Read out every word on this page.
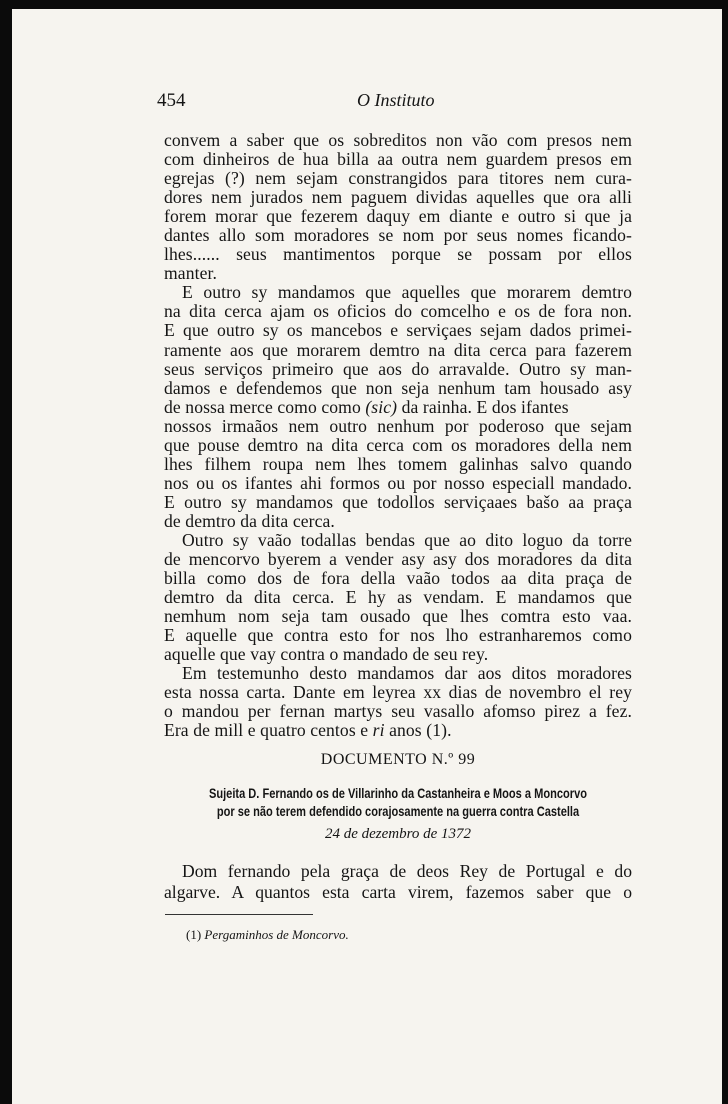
454	O Instituto
convem a saber que os sobreditos non vão com presos nem
com dinheiros de hua billa aa outra nem guardem presos em
egrejas (?) nem sejam constrangidos para titores nem cura-
dores nem jurados nem paguem dividas aquelles que ora alli
forem morar que fezerem daquy em diante e outro si que ja
dantes allo som moradores se nom por seus nomes ficando-
lhes...... seus mantimentos porque se possam por ellos
manter.
E outro sy mandamos que aquelles que morarem demtro
na dita cerca ajam os oficios do comcelho e os de fora non.
E que outro sy os mancebos e serviçaes sejam dados primei-
ramente aos que morarem demtro na dita cerca para fazerem
seus serviços primeiro que aos do arravalde. Outro sy man-
damos e defendemos que non seja nenhum tam housado asy
de nossa merce como como (sic) da rainha. E dos ifantes
nossos irmaãos nem outro nenhum por poderoso que sejam
que pouse demtro na dita cerca com os moradores della nem
lhes filhem roupa nem lhes tomem galinhas salvo quando
nos ou os ifantes ahi formos ou por nosso especiall mandado.
E outro sy mandamos que todollos serviçaaes bašo aa praça
de demtro da dita cerca.
Outro sy vaão todallas bendas que ao dito loguo da torre
de mencorvo byerem a vender asy asy dos moradores da dita
billa como dos de fora della vaão todos aa dita praça de
demtro da dita cerca. E hy as vendam. E mandamos que
nemhum nom seja tam ousado que lhes comtra esto vaa.
E aquelle que contra esto for nos lho estranharemos como
aquelle que vay contra o mandado de seu rey.
Em testemunho desto mandamos dar aos ditos moradores
esta nossa carta. Dante em leyrea xx dias de novembro el rey
o mandou per fernan martys seu vasallo afomso pirez a fez.
Era de mill e quatro centos e ri anos (1).
DOCUMENTO N.º 99
Sujeita D. Fernando os de Villarinho da Castanheira e Moos a Moncorvo
por se não terem defendido corajosamente na guerra contra Castella
24 de dezembro de 1372
Dom fernando pela graça de deos Rey de Portugal e do
algarve. A quantos esta carta virem, fazemos saber que o
(1) Pergaminhos de Moncorvo.
